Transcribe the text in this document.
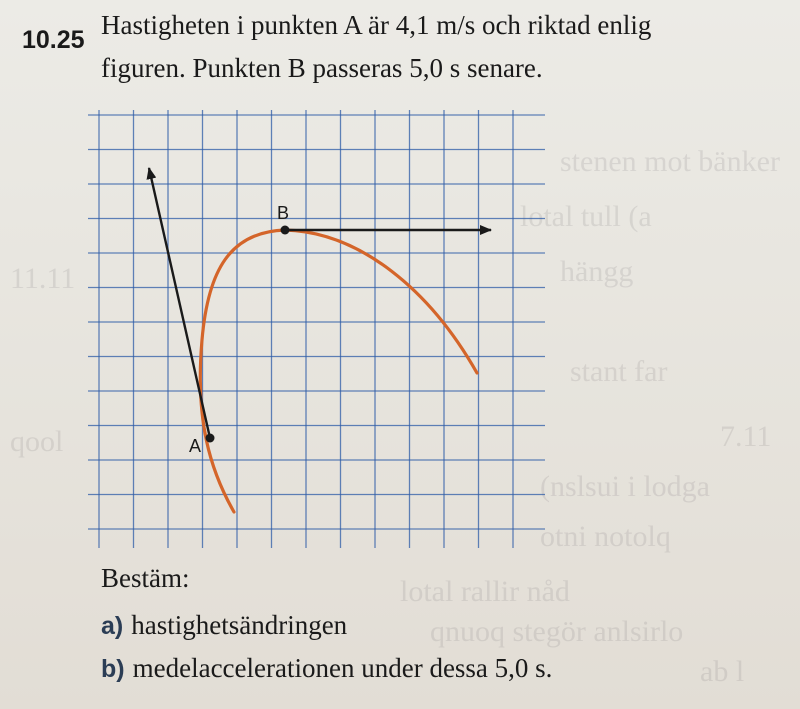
stenen mot bänker
lotal tull (a
11.11	hängg
stant far
qool	7.11
(nslsui i lodga
otni notolq
lotal rallir nåd
qnuoq stegör anlsirlo
ab l
10.25 Hastigheten i punkten A är 4,1 m/s och riktad enlig
figuren. Punkten B passeras 5,0 s senare.
A
B
Bestäm:
a) hastighetsändringen
b) medelaccelerationen under dessa 5,0 s.
